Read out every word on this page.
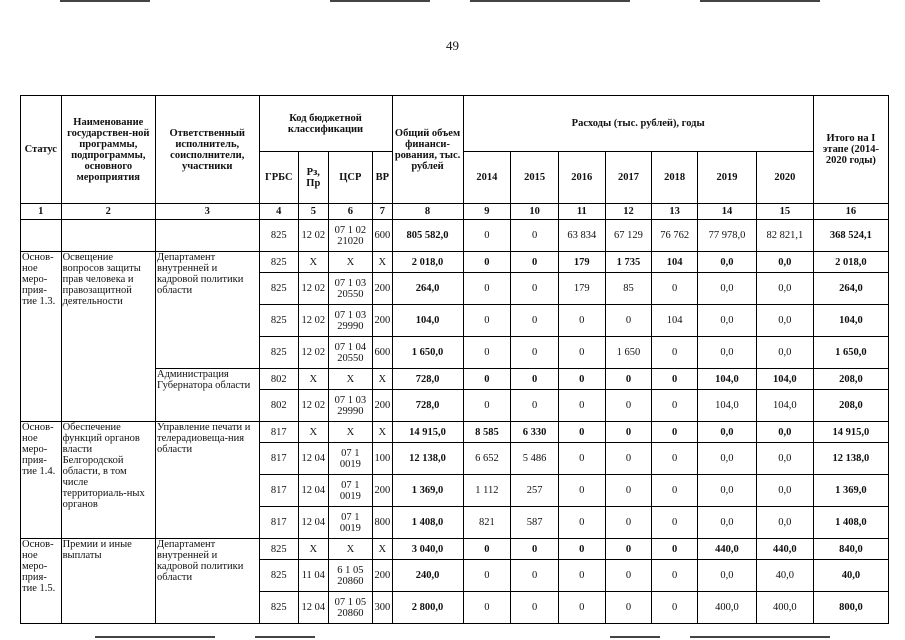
49
Статус	Наименование государствен-ной программы, подпрограммы, основного мероприятия	Ответственный исполнитель, соисполнители, участники	Код бюджетной классификации				Общий объем финанси-рования, тыс. рублей	Расходы (тыс. рублей), годы							Итого на I этапе (2014-2020 годы)
			ГРБС	Рз, Пр	ЦСР	ВР		2014	2015	2016	2017	2018	2019	2020	
1	2	3	4	5	6	7	8	9	10	11	12	13	14	15	16
			825	12 02	07 1 02 21020	600	805 582,0	0	0	63 834	67 129	76 762	77 978,0	82 821,1	368 524,1
Основ-ное меро-прия-тие 1.3.	Освещение вопросов защиты прав человека и правозащитной деятельности	Департамент внутренней и кадровой политики области	825	X	X	X	2 018,0	0	0	179	1 735	104	0,0	0,0	2 018,0
			825	12 02	07 1 03 20550	200	264,0	0	0	179	85	0	0,0	0,0	264,0
			825	12 02	07 1 03 29990	200	104,0	0	0	0	0	104	0,0	0,0	104,0
			825	12 02	07 1 04 20550	600	1 650,0	0	0	0	1 650	0	0,0	0,0	1 650,0
		Администрация Губернатора области	802	X	X	X	728,0	0	0	0	0	0	104,0	104,0	208,0
			802	12 02	07 1 03 29990	200	728,0	0	0	0	0	0	104,0	104,0	208,0
Основ-ное меро-прия-тие 1.4.	Обеспечение функций органов власти Белгородской области, в том числе территориаль-ных органов	Управление печати и телерадиовеща-ния области	817	X	X	X	14 915,0	8 585	6 330	0	0	0	0,0	0,0	14 915,0
			817	12 04	07 1 0019	100	12 138,0	6 652	5 486	0	0	0	0,0	0,0	12 138,0
			817	12 04	07 1 0019	200	1 369,0	1 112	257	0	0	0	0,0	0,0	1 369,0
			817	12 04	07 1 0019	800	1 408,0	821	587	0	0	0	0,0	0,0	1 408,0
Основ-ное меро-прия-тие 1.5.	Премии и иные выплаты	Департамент внутренней и кадровой политики области	825	X	X	X	3 040,0	0	0	0	0	0	440,0	440,0	840,0
			825	11 04	6 1 05 20860	200	240,0	0	0	0	0	0	0,0	40,0	40,0
			825	12 04	07 1 05 20860	300	2 800,0	0	0	0	0	0	400,0	400,0	800,0
